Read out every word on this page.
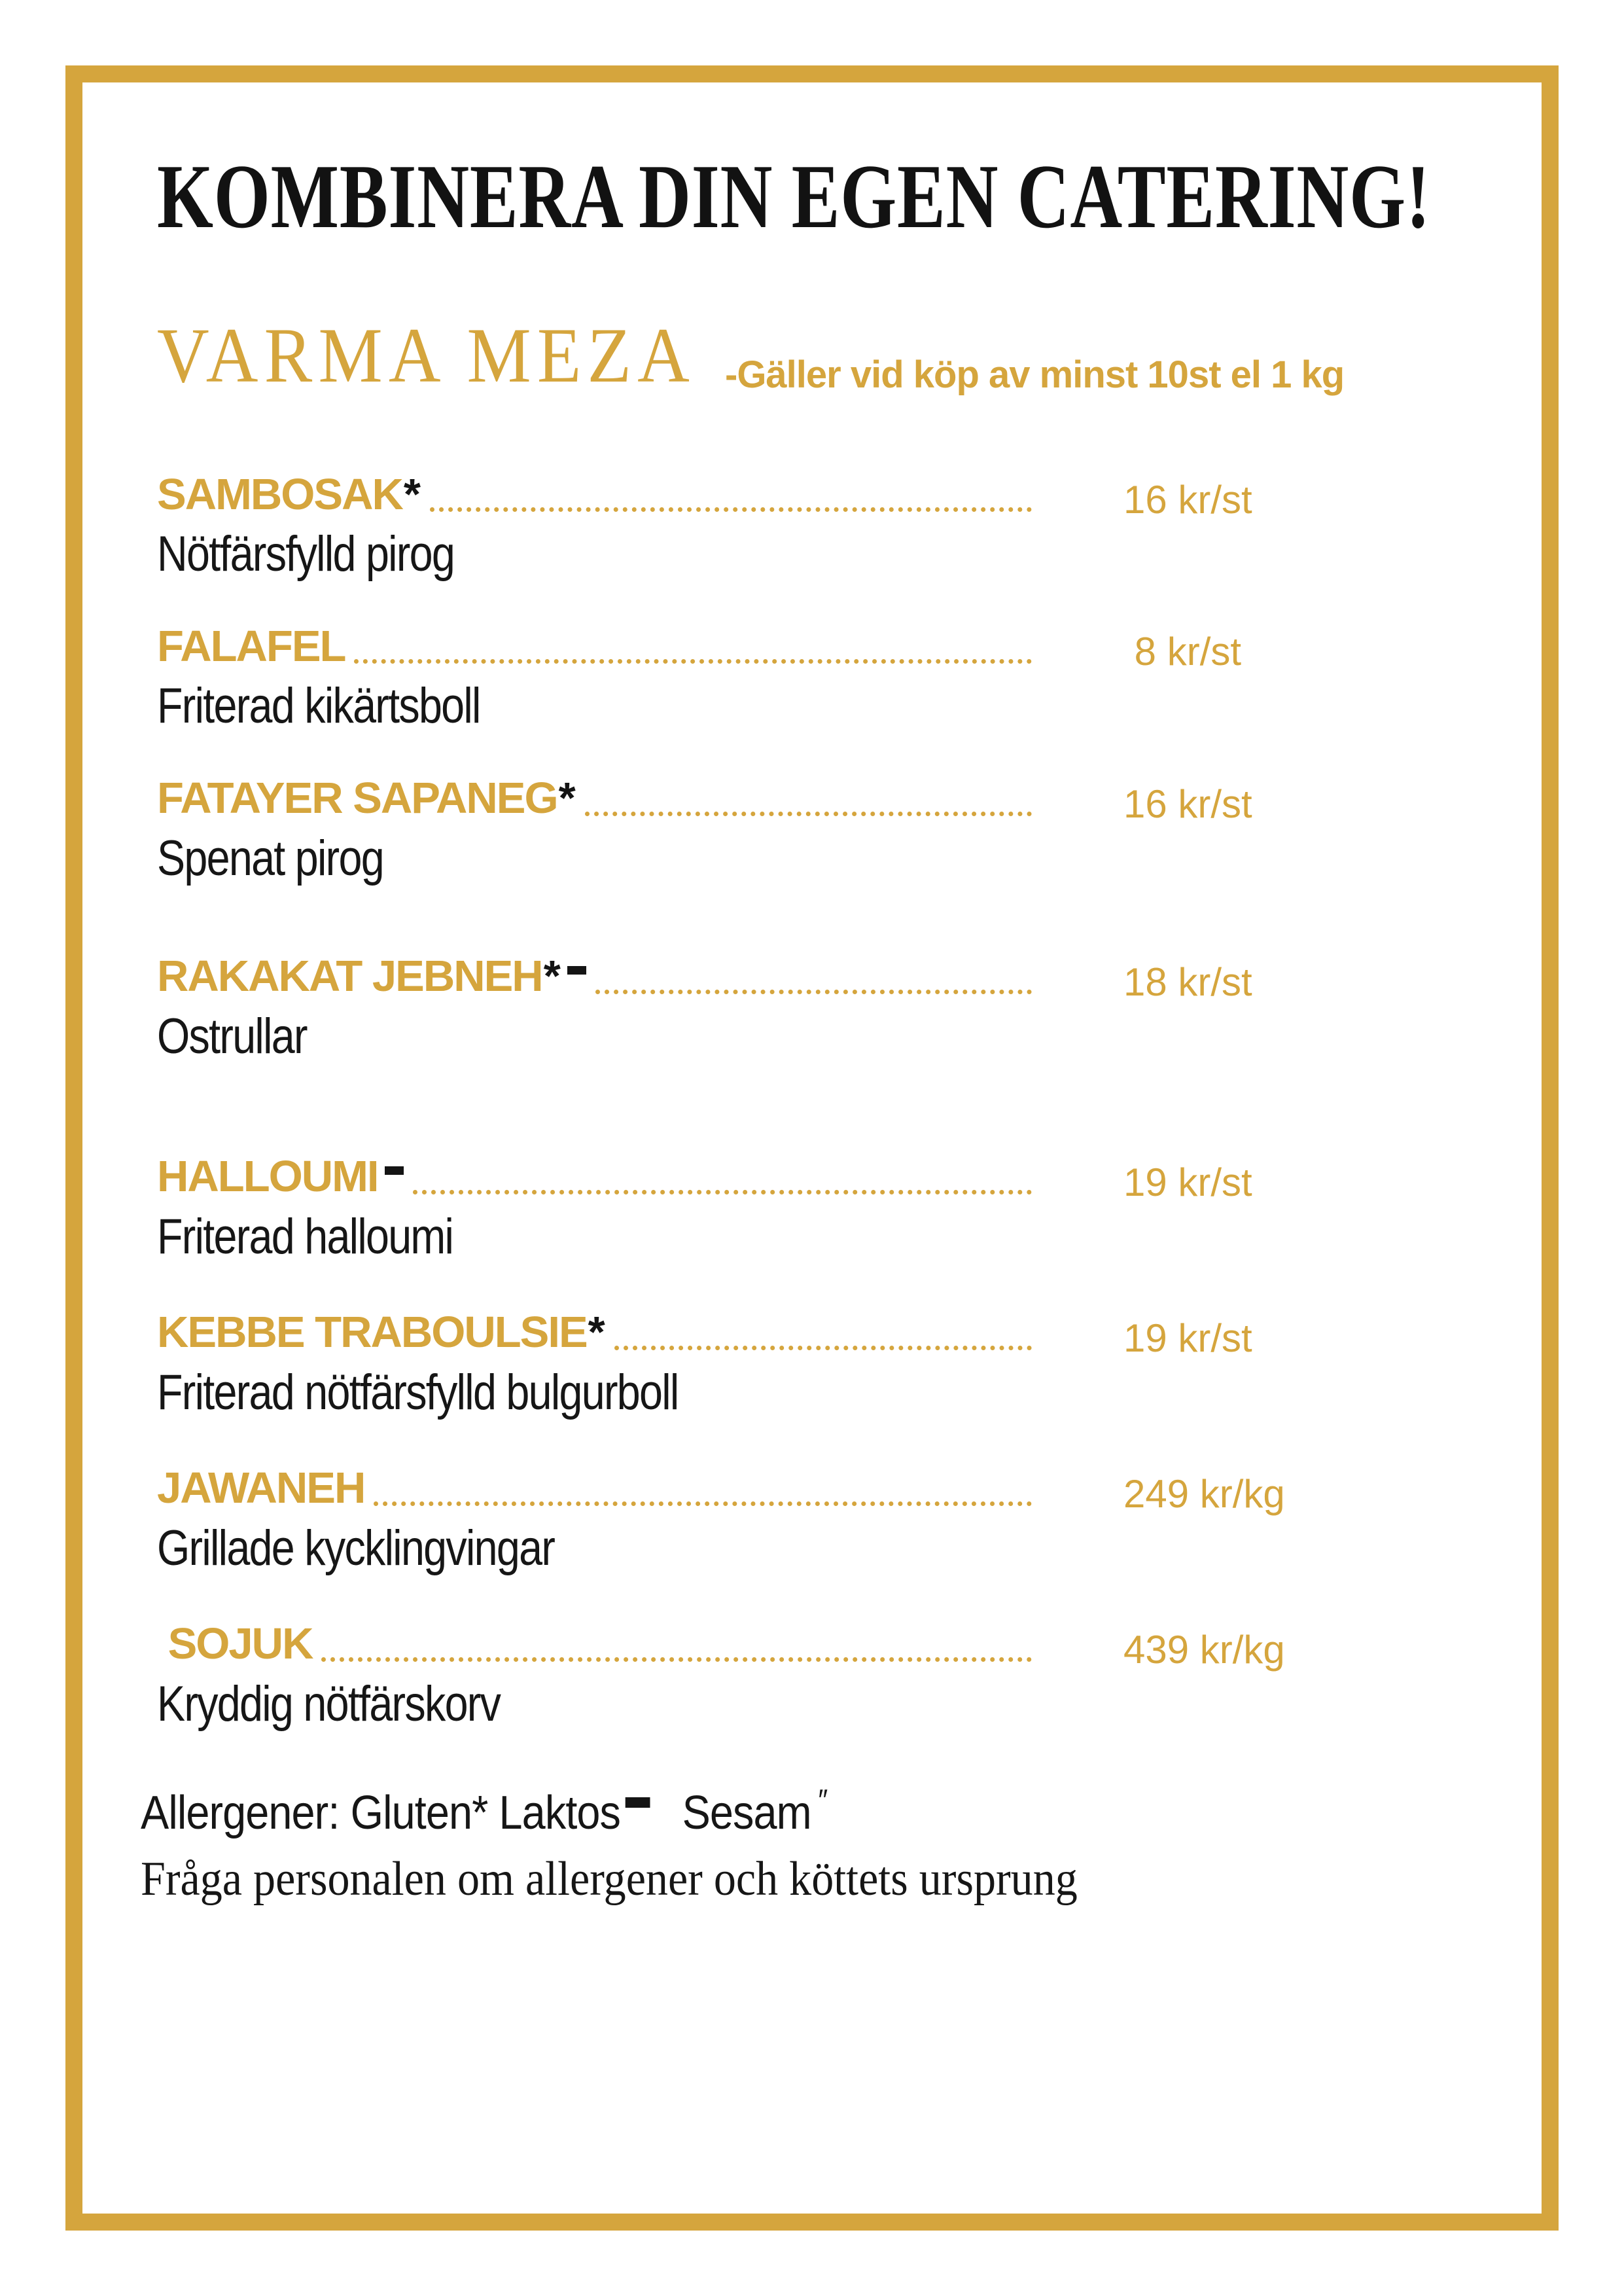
KOMBINERA DIN EGEN CATERING!
VARMA MEZA -Gäller vid köp av minst 10st el 1 kg
SAMBOSAK *	16 kr/st
Nötfärsfylld pirog
FALAFEL	8 kr/st
Friterad kikärtsboll
FATAYER SAPANEG *	16 kr/st
Spenat pirog
RAKAKAT JEBNEH *	18 kr/st
Ostrullar
HALLOUMI	19 kr/st
Friterad halloumi
KEBBE TRABOULSIE *	19 kr/st
Friterad nötfärsfylld bulgurboll
JAWANEH	249 kr/kg
Grillade kycklingvingar
SOJUK	439 kr/kg
Kryddig nötfärskorv
Allergener: Gluten* Laktos Sesam ″
Fråga personalen om allergener och köttets ursprung
